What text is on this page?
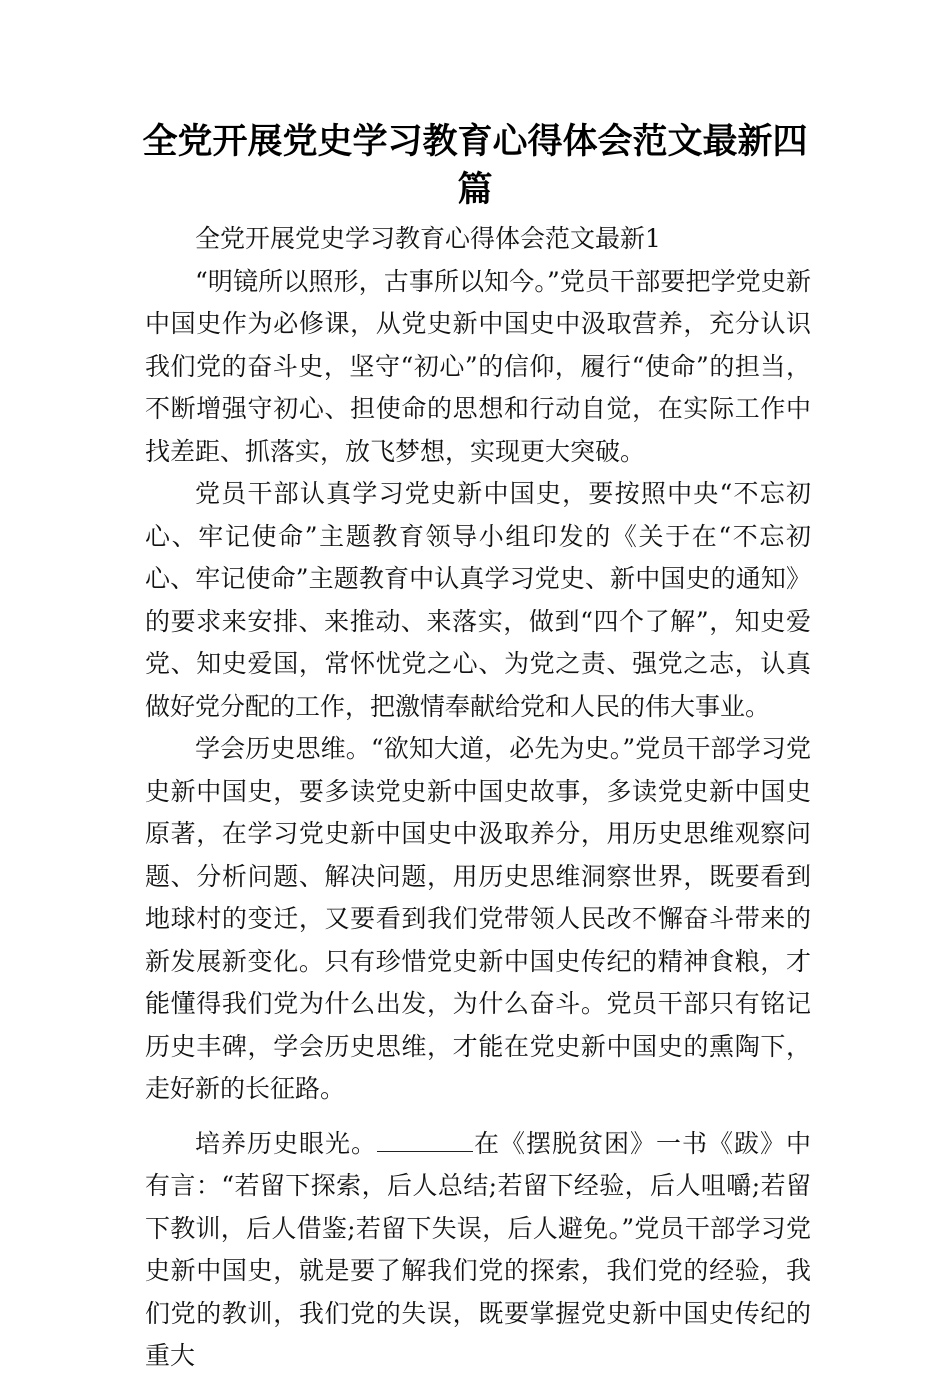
全党开展党史学习教育心得体会范文最新四篇

全党开展党史学习教育心得体会范文最新1

“明镜所以照形，古事所以知今。”党员干部要把学党史新中国史作为必修课，从党史新中国史中汲取营养，充分认识我们党的奋斗史，坚守“初心”的信仰，履行“使命”的担当，不断增强守初心、担使命的思想和行动自觉，在实际工作中找差距、抓落实，放飞梦想，实现更大突破。

党员干部认真学习党史新中国史，要按照中央“不忘初心、牢记使命”主题教育领导小组印发的《关于在“不忘初心、牢记使命”主题教育中认真学习党史、新中国史的通知》的要求来安排、来推动、来落实，做到“四个了解”，知史爱党、知史爱国，常怀忧党之心、为党之责、强党之志，认真做好党分配的工作，把激情奉献给党和人民的伟大事业。

学会历史思维。“欲知大道，必先为史。”党员干部学习党史新中国史，要多读党史新中国史故事，多读党史新中国史原著，在学习党史新中国史中汲取养分，用历史思维观察问题、分析问题、解决问题，用历史思维洞察世界，既要看到地球村的变迁，又要看到我们党带领人民改不懈奋斗带来的新发展新变化。只有珍惜党史新中国史传纪的精神食粮，才能懂得我们党为什么出发，为什么奋斗。党员干部只有铭记历史丰碑，学会历史思维，才能在党史新中国史的熏陶下，走好新的长征路。

培养历史眼光。	在《摆脱贫困》一书《跋》中有言：“若留下探索，后人总结;若留下经验，后人咀嚼;若留下教训，后人借鉴;若留下失误，后人避免。”党员干部学习党史新中国史，就是要了解我们党的探索，我们党的经验，我们党的教训，我们党的失误，既要掌握党史新中国史传纪的重大
